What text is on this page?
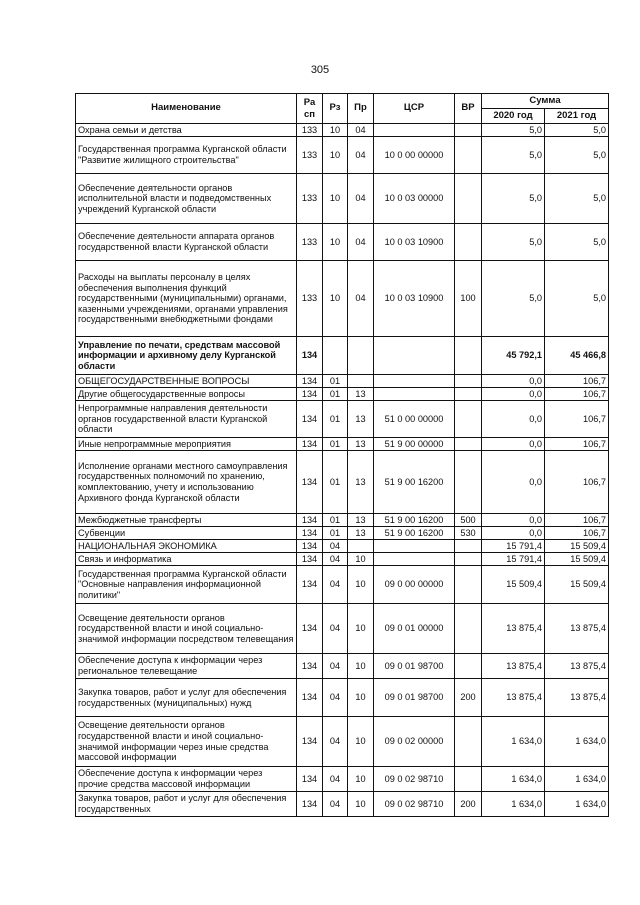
305
Наименование	Ра сп	Рз	Пр	ЦСР	ВР	Сумма	
						2020 год	2021 год
Охрана семьи и детства	133	10	04			5,0	5,0
Государственная программа Курганской области "Развитие жилищного строительства"	133	10	04	10 0 00 00000		5,0	5,0
Обеспечение деятельности органов исполнительной власти и подведомственных учреждений Курганской области	133	10	04	10 0 03 00000		5,0	5,0
Обеспечение деятельности аппарата органов государственной власти Курганской области	133	10	04	10 0 03 10900		5,0	5,0
Расходы на выплаты персоналу в целях обеспечения выполнения функций государственными (муниципальными) органами, казенными учреждениями, органами управления государственными внебюджетными фондами	133	10	04	10 0 03 10900	100	5,0	5,0
Управление по печати, средствам массовой информации и архивному делу Курганской области	134					45 792,1	45 466,8
ОБЩЕГОСУДАРСТВЕННЫЕ ВОПРОСЫ	134	01				0,0	106,7
Другие общегосударственные вопросы	134	01	13			0,0	106,7
Непрограммные направления деятельности органов государственной власти Курганской области	134	01	13	51 0 00 00000		0,0	106,7
Иные непрограммные мероприятия	134	01	13	51 9 00 00000		0,0	106,7
Исполнение органами местного самоуправления государственных полномочий по хранению, комплектованию, учету и использованию Архивного фонда Курганской области	134	01	13	51 9 00 16200		0,0	106,7
Межбюджетные трансферты	134	01	13	51 9 00 16200	500	0,0	106,7
Субвенции	134	01	13	51 9 00 16200	530	0,0	106,7
НАЦИОНАЛЬНАЯ ЭКОНОМИКА	134	04				15 791,4	15 509,4
Связь и информатика	134	04	10			15 791,4	15 509,4
Государственная программа Курганской области "Основные направления информационной политики"	134	04	10	09 0 00 00000		15 509,4	15 509,4
Освещение деятельности органов государственной власти и иной социально-значимой информации посредством телевещания	134	04	10	09 0 01 00000		13 875,4	13 875,4
Обеспечение доступа к информации через региональное телевещание	134	04	10	09 0 01 98700		13 875,4	13 875,4
Закупка товаров, работ и услуг для обеспечения государственных (муниципальных) нужд	134	04	10	09 0 01 98700	200	13 875,4	13 875,4
Освещение деятельности органов государственной власти и иной социально-значимой информации через иные средства массовой информации	134	04	10	09 0 02 00000		1 634,0	1 634,0
Обеспечение доступа к информации через прочие средства массовой информации	134	04	10	09 0 02 98710		1 634,0	1 634,0
Закупка товаров, работ и услуг для обеспечения государственных	134	04	10	09 0 02 98710	200	1 634,0	1 634,0
